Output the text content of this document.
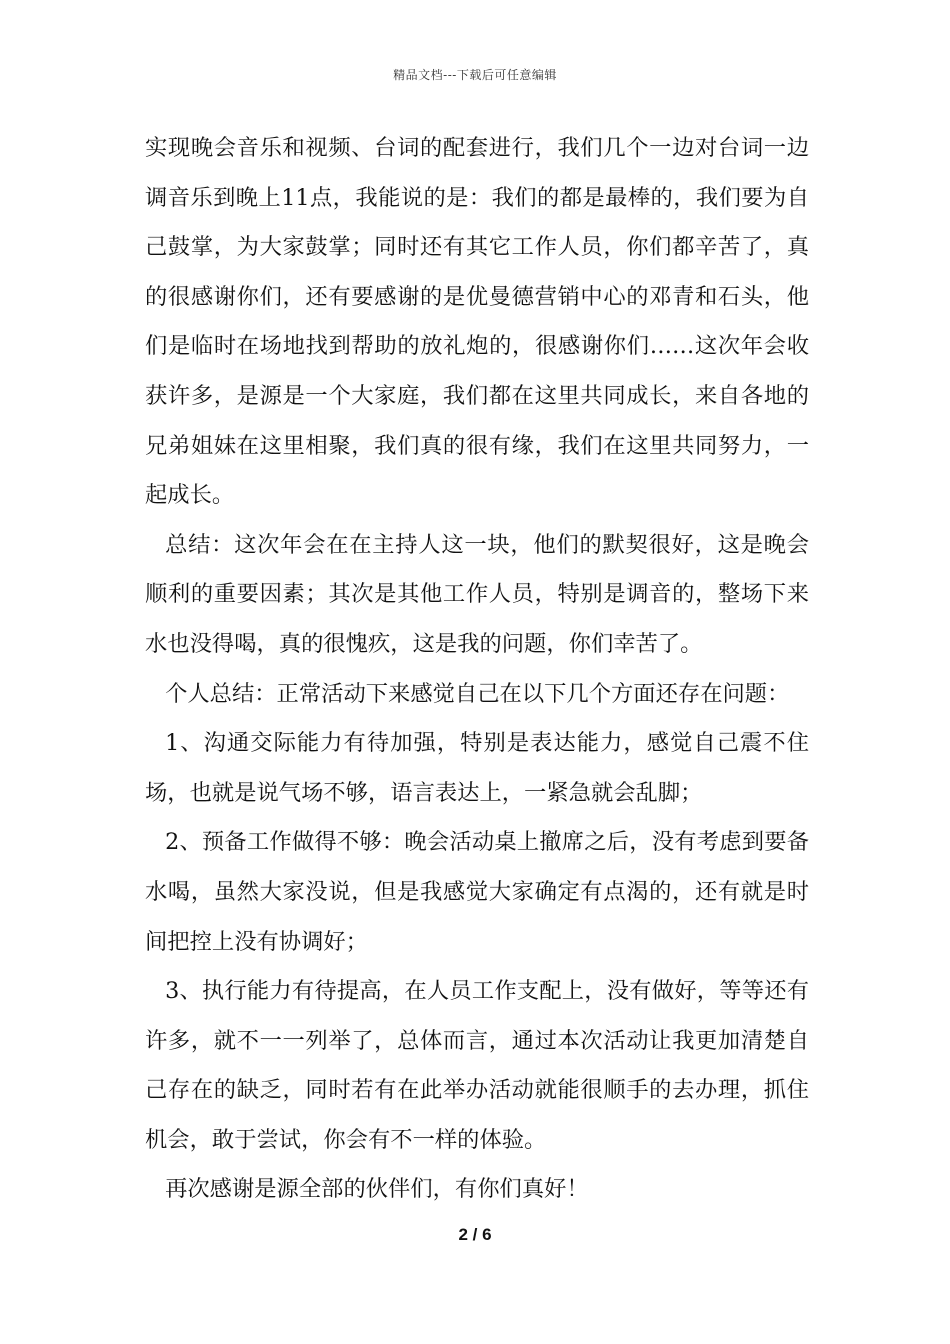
精品文档---下载后可任意编辑

实现晚会音乐和视频、台词的配套进行，我们几个一边对台词一边调音乐到晚上11点，我能说的是：我们的都是最棒的，我们要为自己鼓掌，为大家鼓掌；同时还有其它工作人员，你们都辛苦了，真的很感谢你们，还有要感谢的是优曼德营销中心的邓青和石头，他们是临时在场地找到帮助的放礼炮的，很感谢你们……这次年会收获许多，是源是一个大家庭，我们都在这里共同成长，来自各地的兄弟姐妹在这里相聚，我们真的很有缘，我们在这里共同努力，一起成长。

总结：这次年会在在主持人这一块，他们的默契很好，这是晚会顺利的重要因素；其次是其他工作人员，特别是调音的，整场下来水也没得喝，真的很愧疚，这是我的问题，你们幸苦了。

个人总结：正常活动下来感觉自己在以下几个方面还存在问题：

1、沟通交际能力有待加强，特别是表达能力，感觉自己震不住场，也就是说气场不够，语言表达上，一紧急就会乱脚；

2、预备工作做得不够：晚会活动桌上撤席之后，没有考虑到要备水喝，虽然大家没说，但是我感觉大家确定有点渴的，还有就是时间把控上没有协调好；

3、执行能力有待提高，在人员工作支配上，没有做好，等等还有许多，就不一一列举了，总体而言，通过本次活动让我更加清楚自己存在的缺乏，同时若有在此举办活动就能很顺手的去办理，抓住机会，敢于尝试，你会有不一样的体验。

再次感谢是源全部的伙伴们，有你们真好！

2 / 6
